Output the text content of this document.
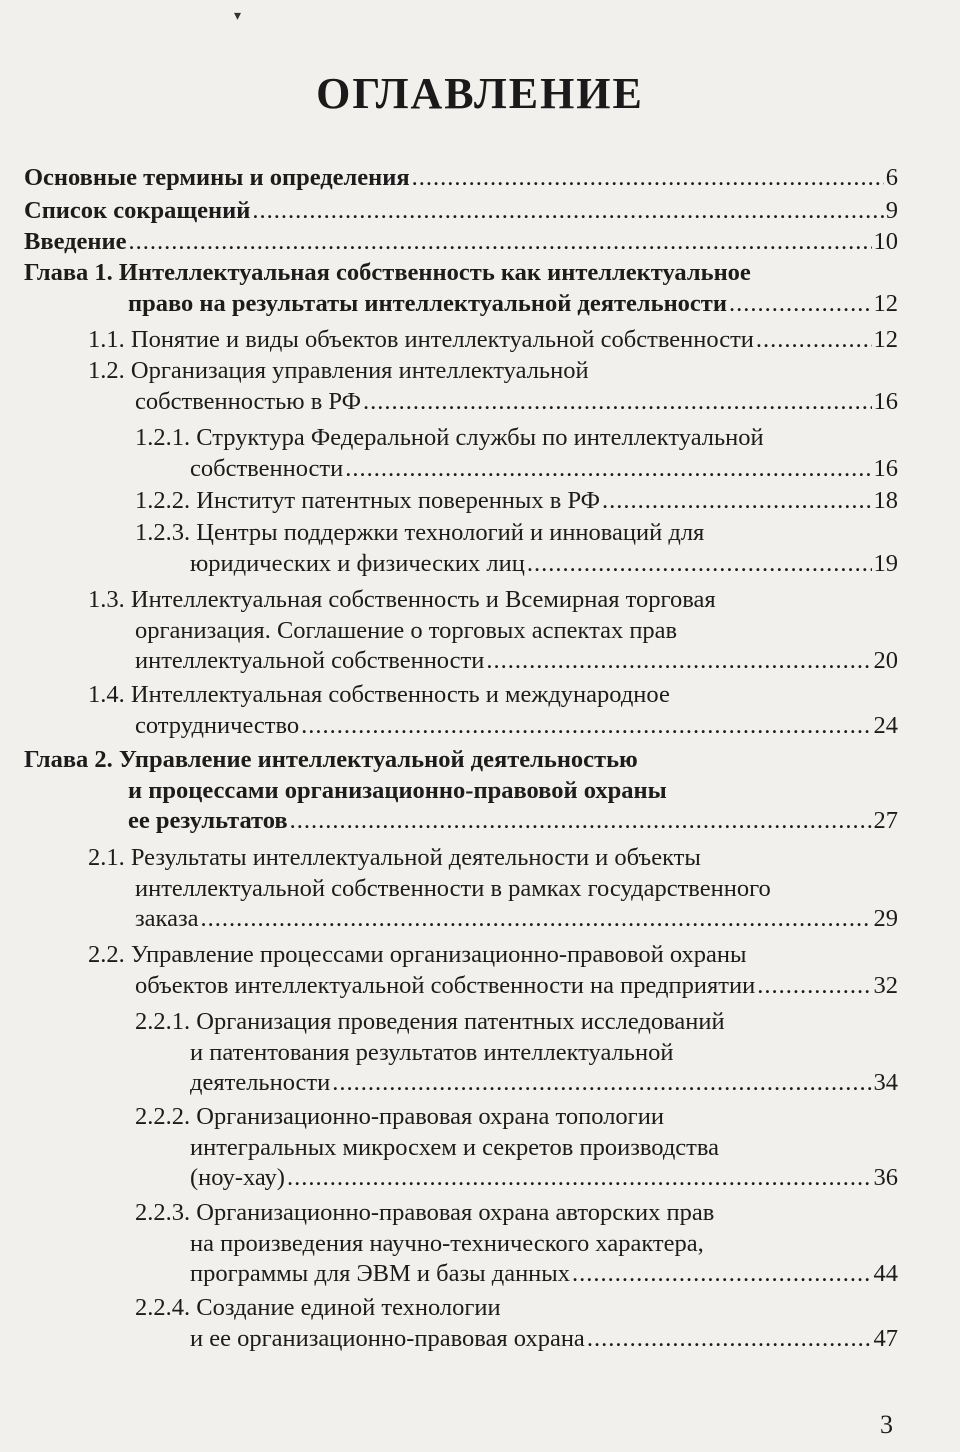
▾
ОГЛАВЛЕНИЕ
Основные термины и определения .....	6
Список сокращений .....	9
Введение .....	10
Глава 1. Интеллектуальная собственность как интеллектуальное
право на результаты интеллектуальной деятельности .....	12
1.1. Понятие и виды объектов интеллектуальной собственности .....	12
1.2. Организация управления интеллектуальной
собственностью в РФ .....	16
1.2.1. Структура Федеральной службы по интеллектуальной
собственности .....	16
1.2.2. Институт патентных поверенных в РФ .....	18
1.2.3. Центры поддержки технологий и инноваций для
юридических и физических лиц .....	19
1.3. Интеллектуальная собственность и Всемирная торговая
организация. Соглашение о торговых аспектах прав
интеллектуальной собственности .....	20
1.4. Интеллектуальная собственность и международное
сотрудничество .....	24
Глава 2. Управление интеллектуальной деятельностью
и процессами организационно-правовой охраны
ее результатов .....	27
2.1. Результаты интеллектуальной деятельности и объекты
интеллектуальной собственности в рамках государственного
заказа .....	29
2.2. Управление процессами организационно-правовой охраны
объектов интеллектуальной собственности на предприятии .....	32
2.2.1. Организация проведения патентных исследований
и патентования результатов интеллектуальной
деятельности .....	34
2.2.2. Организационно-правовая охрана топологии
интегральных микросхем и секретов производства
(ноу-хау) .....	36
2.2.3. Организационно-правовая охрана авторских прав
на произведения научно-технического характера,
программы для ЭВМ и базы данных .....	44
2.2.4. Создание единой технологии
и ее организационно-правовая охрана .....	47
3
